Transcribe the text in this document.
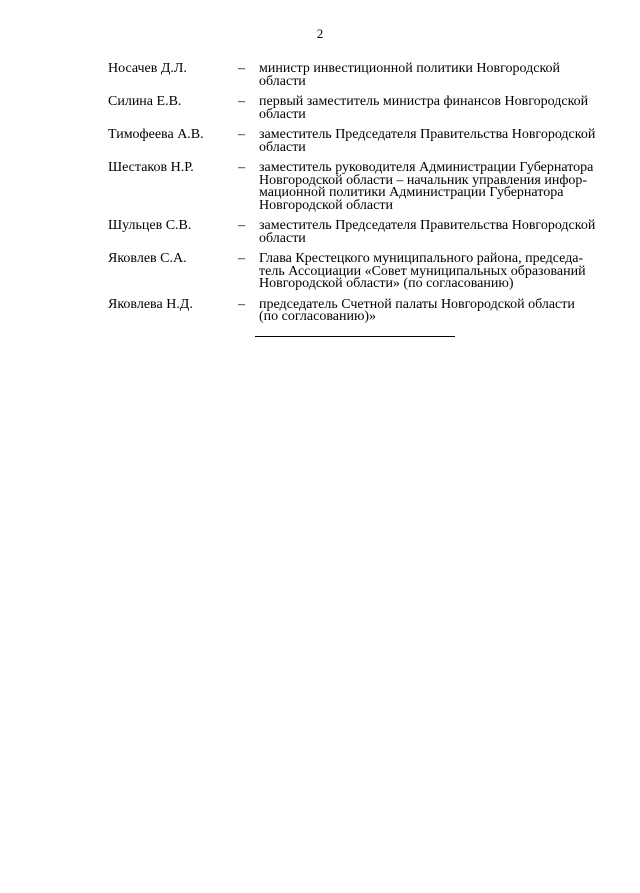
2
Носачев Д.Л.	–	министр инвестиционной политики Новгородской
области
Силина Е.В.	–	первый заместитель министра финансов Новгородской
области
Тимофеева А.В.	–	заместитель Председателя Правительства Новгородской
области
Шестаков Н.Р.	–	заместитель руководителя Администрации Губернатора
Новгородской области – начальник управления инфор-
мационной политики Администрации Губернатора
Новгородской области
Шульцев С.В.	–	заместитель Председателя Правительства Новгородской
области
Яковлев С.А.	–	Глава Крестецкого муниципального района, председа-
тель Ассоциации «Совет муниципальных образований
Новгородской области» (по согласованию)
Яковлева Н.Д.	–	председатель Счетной палаты Новгородской области
(по согласованию)»
